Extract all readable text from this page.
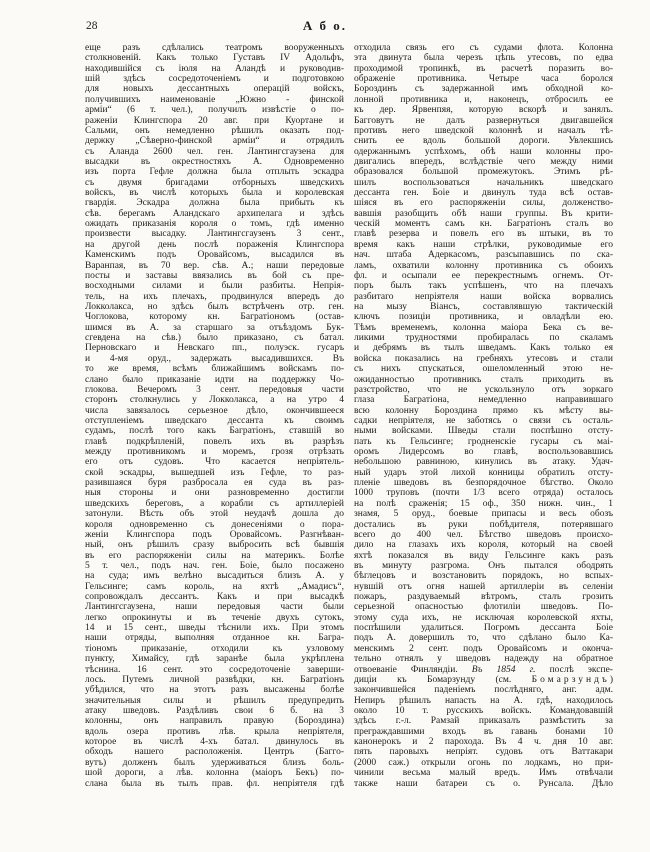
28	А б о.
еще разъ сдѣлались театромъ вооруженныхъ
столкновеній. Какъ только Густавъ IV Адольфъ,
находившійся съ іюля на Аландѣ и руководив-
шій здѣсь сосредоточеніемъ и подготовкою
для новыхъ дессантныхъ операцій войскъ,
получившихъ наименованіе „Южно - финской
арміи“ (6 т. чел.), получилъ извѣстіе о по-
раженіи Клингспора 20 авг. при Куортане и
Сальми, онъ немедленно рѣшилъ оказать под-
держку „Сѣверно-финской арміи“ и отрядилъ
съ Аланда 2600 чел. ген. Лантингсгаузена для
высадки въ окрестностяхъ А. Одновременно
изъ порта Гефле должна была отплыть эскадра
съ двумя бригадами отборныхъ шведскихъ
войскъ, въ числѣ которыхъ была и королевская
гвардія. Эскадра должна была прибыть къ
сѣв. берегамъ Аландскаго архипелага и здѣсь
ожидать приказанія короля о томъ, гдѣ именно
произвести высадку. Лантингсгаузенъ 3 сент.,
на другой день послѣ пораженія Клингспора
Каменскимъ подъ Оровайсомъ, высадился въ
Варанпая, въ 70 вер. сѣв. А.; наши передовые
посты и заставы ввязались въ бой съ пре-
восходными силами и были разбиты. Непрія-
тель, на ихъ плечахъ, продвинулся впередъ до
Локколакса, но здѣсь былъ встрѣченъ отр. ген.
Чоглокова, которому кн. Багратіономъ (остав-
шимся въ А. за старшаго за отъѣздомъ Бук-
сгевдена на сѣв.) было приказано, съ батал.
Перновскаго и Невскаго пп., полуэск. гусаръ
и 4-мя оруд., задержать высадившихся. Въ
то же время, всѣмъ ближайшимъ войскамъ по-
слано было приказаніе идти на поддержку Чо-
глокова. Вечеромъ 3 сент. передовыя части
сторонъ столкнулись у Локколакса, а на утро 4
числа завязалось серьезное дѣло, окончившееся
отступленіемъ шведскаго дессанта къ своимъ
судамъ, послѣ того какъ Багратіонъ, ставшій во
главѣ подкрѣпленій, повелъ ихъ въ разрѣзъ
между противникомъ и моремъ, грозя отрѣзать
его отъ судовъ. Что касается непріятель-
ской эскадры, вышедшей изъ Гефле, то раз-
разившаяся буря разбросала ея суда въ раз-
ныя стороны и они разновременно достигли
шведскихъ береговъ, а корабли съ артиллеріей
затонули. Вѣсть объ этой неудачѣ дошла до
короля одновременно съ донесеніями о пора-
женіи Клингспора подъ Оровайсомъ. Разгнѣван-
ный, онъ рѣшилъ сразу выбросить всѣ бывшія
въ его распоряженіи силы на материкъ. Болѣе
5 т. чел., подъ нач. ген. Боіе, было посажено
на суда; имъ велѣно высадиться близъ А. у
Гельсинге; самъ король, на яхтѣ „Амадисъ“,
сопровождалъ дессантъ. Какъ и при высадкѣ
Лантингсгаузена, наши передовыя части были
легко опрокинуты и въ теченіе двухъ сутокъ,
14 и 15 сент., шведы тѣснили ихъ. При этомъ
наши отряды, выполняя отданное кн. Багра-
тіономъ приказаніе, отходили къ узловому
пункту, Химайсу, гдѣ заранѣе была укрѣплена
тѣснина. 16 сент. это сосредоточеніе заверши-
лось. Путемъ личной развѣдки, кн. Багратіонъ
убѣдился, что на этотъ разъ высажены болѣе
значительныя силы и рѣшилъ предупредить
атаку шведовъ. Раздѣливъ свои 6 б. на 3
колонны, онъ направилъ правую (Бороздина)
вдоль озера противъ лѣв. крыла непріятеля,
которое въ числѣ 4-хъ батал. двинулось въ
обходъ нашего расположенія. Центръ (Багго-
вутъ) долженъ былъ удерживаться близъ боль-
шой дороги, а лѣв. колонна (маіоръ Бекъ) по-
слана была въ тылъ прав. фл. непріятеля гдѣ
отходила связь его съ судами флота. Колонна
эта двинута была черезъ цѣпь утесовъ, по едва
проходимой тропинкѣ, въ расчетѣ поразить во-
ображеніе противника. Четыре часа боролся
Бороздинъ съ задержанной имъ обходной ко-
лонной противника и, наконецъ, отбросилъ ее
къ дер. Ярвенпяя, которую вскорѣ и занялъ.
Багговутъ не далъ развернуться двигавшейся
противъ него шведской колоннѣ и началъ тѣ-
снить ее вдоль большой дороги. Увлекшись
одержаннымъ успѣхомъ, обѣ наши колонны про-
двигались впередъ, вслѣдствіе чего между ними
образовался большой промежутокъ. Этимъ рѣ-
шилъ воспользоваться начальникъ шведскаго
дессанта ген. Боіе и двинулъ туда всѣ остав-
шіяся въ его распоряженіи силы, долженство-
вавшія разобщить обѣ наши группы. Въ крити-
ческій моментъ самъ кн. Багратіонъ сталъ во
главѣ резерва и повелъ его въ штыки, въ то
время какъ наши стрѣлки, руководимые его
нач. штаба Адеркасомъ, разсыпавшись по ска-
ламъ, охватили колонну противника съ обоихъ
фл. и осыпали ее перекрестнымъ огнемъ. От-
поръ былъ такъ успѣшенъ, что на плечахъ
разбитаго непріятеля наши войска ворвались
на мызу Віансъ, составлявшую тактическій
ключъ позиціи противника, и овладѣли ею.
Тѣмъ временемъ, колонна маіора Бека съ ве-
ликими трудностями пробиралась по скаламъ
и дебрямъ въ тылъ шведамъ. Какъ только ея
войска показались на гребняхъ утесовъ и стали
съ нихъ спускаться, ошеломленный этою не-
ожиданностью противникъ сталъ приходить въ
разстройство, что не ускользнуло отъ зоркаго
глаза Багратіона, немедленно направившаго
всю колонну Бороздина прямо къ мѣсту вы-
садки непріятеля, не заботясь о связи съ осталь-
ными войсками. Шведы стали поспѣшно отсту-
пать къ Гельсинге; гродненскіе гусары съ маі-
оромъ Лидерсомъ во главѣ, воспользовавшись
небольшою равниною, кинулись въ атаку. Удач-
ный ударъ этой лихой конницы обратилъ отсту-
пленіе шведовъ въ безпорядочное бѣгство. Около
1000 труповъ (почти 1/3 всего отряда) осталось
на полѣ сраженія; 15 оф., 350 нижн. чин., 1
знамя, 5 оруд., боевые припасы и весь обозъ
достались въ руки побѣдителя, потерявшаго
всего до 400 чел. Бѣгство шведовъ происхо-
дило на глазахъ ихъ короля, который на своей
яхтѣ показался въ виду Гельсинге какъ разъ
въ минуту разгрома. Онъ пытался ободрять
бѣглецовъ и возстановить порядокъ, но вспых-
нувшій отъ огня нашей артиллеріи въ селеніи
пожаръ, раздуваемый вѣтромъ, сталъ грозить
серьезной опасностью флотиліи шведовъ. По-
этому суда ихъ, не исключая королевской яхты,
поспѣшили удалиться. Погромъ дессанта Боіе
подъ А. довершилъ то, что сдѣлано было Ка-
менскимъ 2 сент. подъ Оровайсомъ и оконча-
тельно отнялъ у шведовъ надежду на обратное
отвоеваніе Финляндіи. Въ 1854 г. послѣ экспе-
диціи къ Бомарзунду (см. Бомарзундъ)
закончившейся паденіемъ послѣдняго, анг. адм.
Непиръ рѣшилъ напасть на А. гдѣ, находилось
около 10 т. русскихъ войскъ. Командовавшій
здѣсь г.-л. Рамзай приказалъ размѣстить за
преграждавшими входъ въ гавань бонами 10
канонерокъ и 2 парохода. Въ 4 ч. дня 10 авг.
пять паровыхъ непріят. судовъ отъ Ваттакари
(2000 саж.) открыли огонь по лодкамъ, но при-
чинили весьма малый вредъ. Имъ отвѣчали
также наши батареи съ о. Рунсала. Дѣло
